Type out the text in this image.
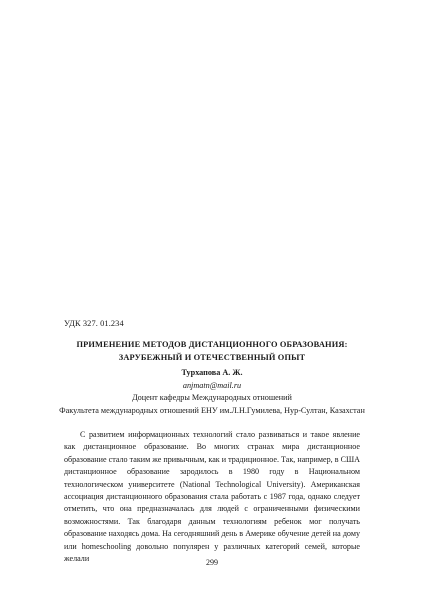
УДК 327. 01.234
ПРИМЕНЕНИЕ МЕТОДОВ ДИСТАНЦИОННОГО ОБРАЗОВАНИЯ:
ЗАРУБЕЖНЫЙ И ОТЕЧЕСТВЕННЫЙ ОПЫТ
Турхапова А. Ж.
anjmatn@mail.ru
Доцент кафедры Международных отношений
Факультета международных отношений ЕНУ им.Л.Н.Гумилева, Нур-Султан, Казахстан

С развитием информационных технологий стало развиваться и такое явление как дистанционное образование. Во многих странах мира дистанционное образование стало таким же привычным, как и традиционное. Так, например, в США дистанционное образование зародилось в 1980 году в Национальном технологическом университете (National Technological University). Американская ассоциация дистанционного образования стала работать с 1987 года, однако следует отметить, что она предназначалась для людей с ограниченными физическими возможностями. Так благодаря данным технологиям ребенок мог получать образование находясь дома. На сегодняшний день в Америке обучение детей на дому или homeschooling довольно популярен у различных категорий семей, которые желали	299
